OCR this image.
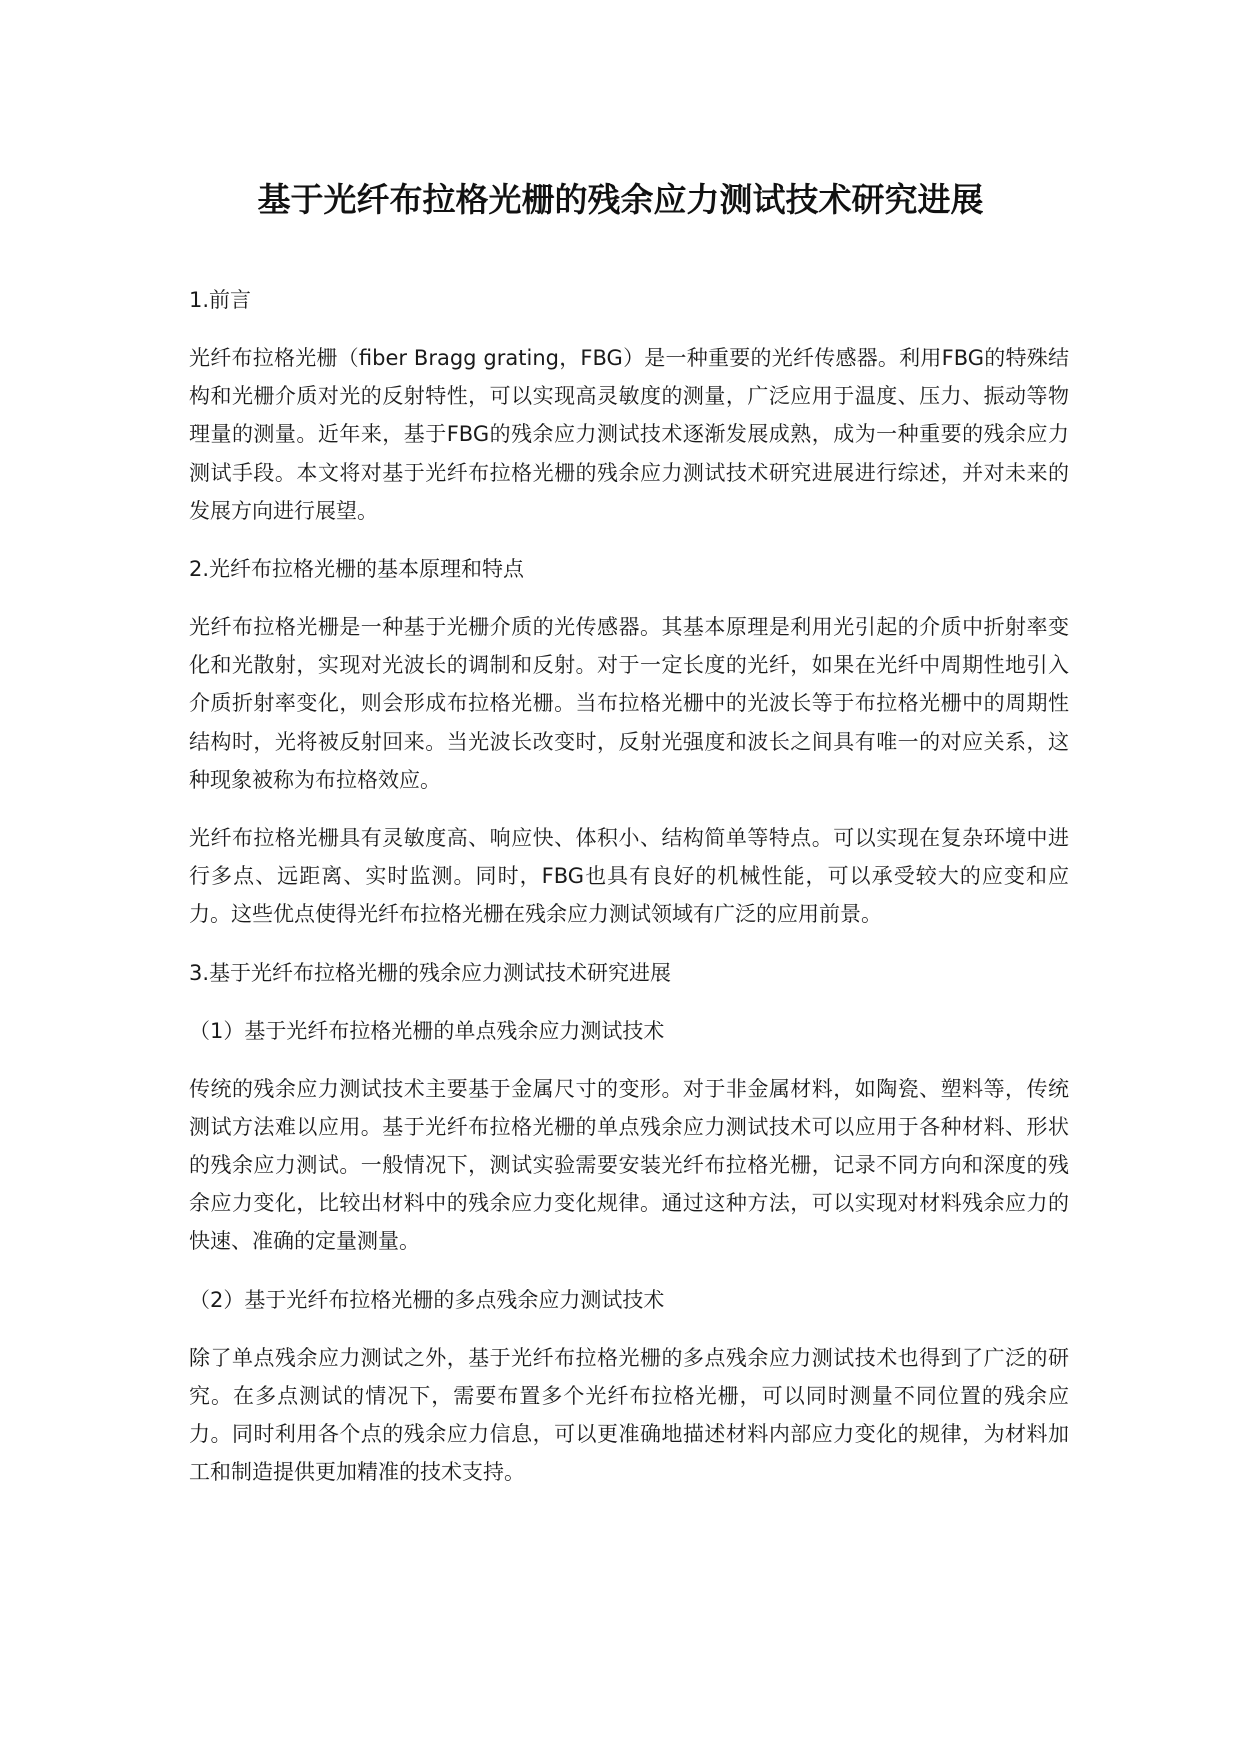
基于光纤布拉格光栅的残余应力测试技术研究进展
1.前言

光纤布拉格光栅（fiber Bragg grating，FBG）是一种重要的光纤传感器。利用FBG的特殊结构和光栅介质对光的反射特性，可以实现高灵敏度的测量，广泛应用于温度、压力、振动等物理量的测量。近年来，基于FBG的残余应力测试技术逐渐发展成熟，成为一种重要的残余应力测试手段。本文将对基于光纤布拉格光栅的残余应力测试技术研究进展进行综述，并对未来的发展方向进行展望。

2.光纤布拉格光栅的基本原理和特点

光纤布拉格光栅是一种基于光栅介质的光传感器。其基本原理是利用光引起的介质中折射率变化和光散射，实现对光波长的调制和反射。对于一定长度的光纤，如果在光纤中周期性地引入介质折射率变化，则会形成布拉格光栅。当布拉格光栅中的光波长等于布拉格光栅中的周期性结构时，光将被反射回来。当光波长改变时，反射光强度和波长之间具有唯一的对应关系，这种现象被称为布拉格效应。

光纤布拉格光栅具有灵敏度高、响应快、体积小、结构简单等特点。可以实现在复杂环境中进行多点、远距离、实时监测。同时，FBG也具有良好的机械性能，可以承受较大的应变和应力。这些优点使得光纤布拉格光栅在残余应力测试领域有广泛的应用前景。

3.基于光纤布拉格光栅的残余应力测试技术研究进展
（1）基于光纤布拉格光栅的单点残余应力测试技术

传统的残余应力测试技术主要基于金属尺寸的变形。对于非金属材料，如陶瓷、塑料等，传统测试方法难以应用。基于光纤布拉格光栅的单点残余应力测试技术可以应用于各种材料、形状的残余应力测试。一般情况下，测试实验需要安装光纤布拉格光栅，记录不同方向和深度的残余应力变化，比较出材料中的残余应力变化规律。通过这种方法，可以实现对材料残余应力的快速、准确的定量测量。

（2）基于光纤布拉格光栅的多点残余应力测试技术

除了单点残余应力测试之外，基于光纤布拉格光栅的多点残余应力测试技术也得到了广泛的研究。在多点测试的情况下，需要布置多个光纤布拉格光栅，可以同时测量不同位置的残余应力。同时利用各个点的残余应力信息，可以更准确地描述材料内部应力变化的规律，为材料加工和制造提供更加精准的技术支持。
